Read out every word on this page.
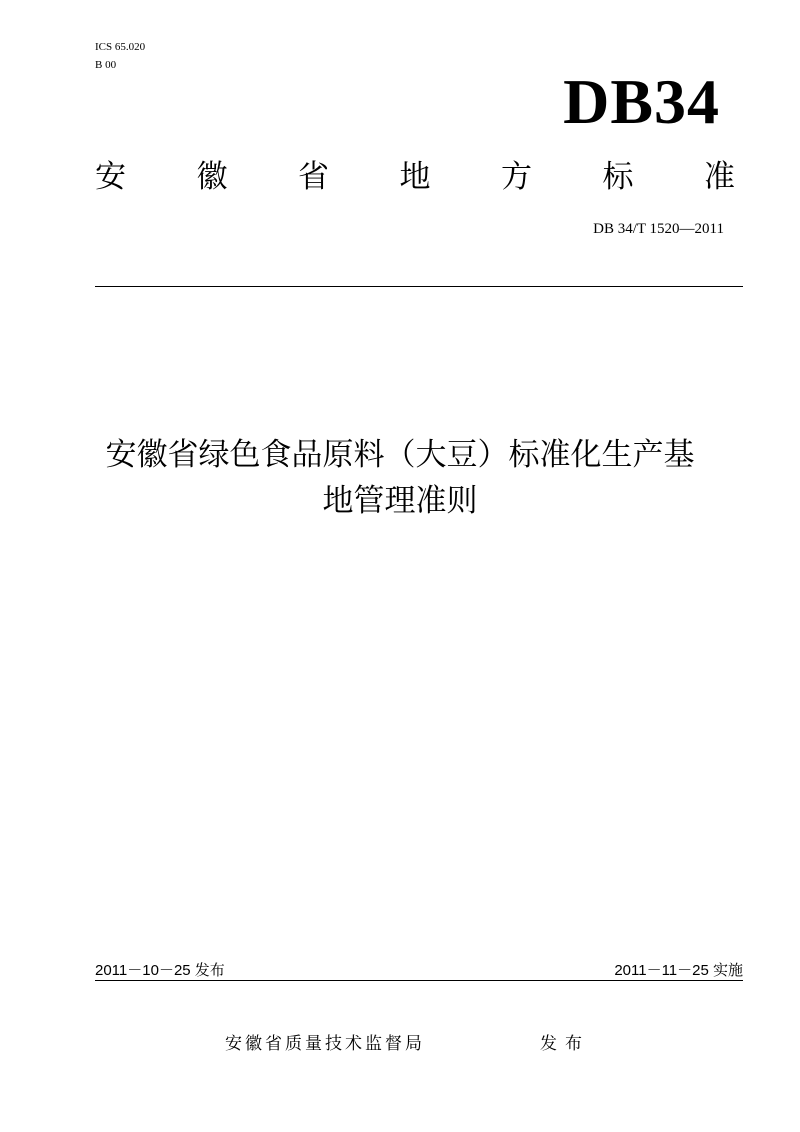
ICS 65.020
B 00
DB34
安 徽 省 地 方 标 准
DB 34/T 1520—2011
安徽省绿色食品原料（大豆）标准化生产基
地管理准则
2011－10－25 发布	2011－11－25 实施
安徽省质量技术监督局	发布
